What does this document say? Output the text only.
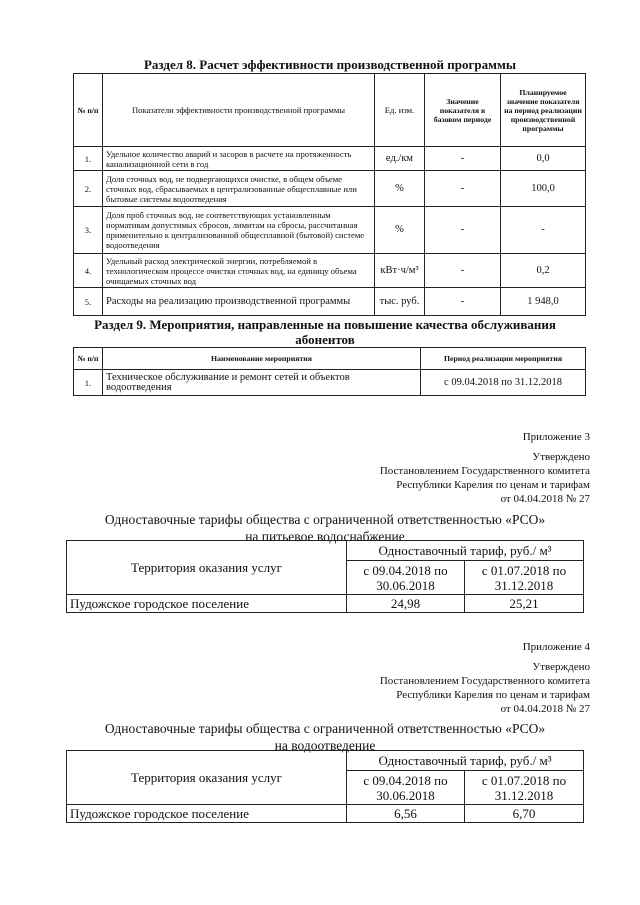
Раздел 8. Расчет эффективности производственной программы
№ п/п	Показатели эффективности производственной программы	Ед. изм.	Значение показателя в базовом периоде	Планируемое значение показателя на период реализации производственной программы
1.	Удельное количество аварий и засоров в расчете на протяженность канализационной сети в год	ед./км	-	0,0
2.	Доля сточных вод, не подвергающихся очистке, в общем объеме сточных вод, сбрасываемых в централизованные общесплавные или бытовые системы водоотведения	%	-	100,0
3.	Доля проб сточных вод, не соответствующих установленным нормативам допустимых сбросов, лимитам на сбросы, рассчитанная применительно к централизованной общесплавной (бытовой) системе водоотведения	%	-	-
4.	Удельный расход электрической энергии, потребляемой в технологическом процессе очистки сточных вод, на единицу объема очищаемых сточных вод	кВт·ч/м³	-	0,2
5.	Расходы на реализацию производственной программы	тыс. руб.	-	1 948,0
Раздел 9. Мероприятия, направленные на повышение качества обслуживания
абонентов
№ п/п	Наименование мероприятия	Период реализации мероприятия
1.	Техническое обслуживание и ремонт сетей и объектов водоотведения	с 09.04.2018 по 31.12.2018
Приложение 3
Утверждено
Постановлением Государственного комитета
Республики Карелия по ценам и тарифам
от 04.04.2018 № 27
Одноставочные тарифы общества с ограниченной ответственностью «РСО»
на питьевое водоснабжение
Территория оказания услуг	Одноставочный тариф, руб./ м³	
	с 09.04.2018 по 30.06.2018	с 01.07.2018 по 31.12.2018
Пудожское городское поселение	24,98	25,21
Приложение 4
Утверждено
Постановлением Государственного комитета
Республики Карелия по ценам и тарифам
от 04.04.2018 № 27
Одноставочные тарифы общества с ограниченной ответственностью «РСО»
на водоотведение
Территория оказания услуг	Одноставочный тариф, руб./ м³	
	с 09.04.2018 по 30.06.2018	с 01.07.2018 по 31.12.2018
Пудожское городское поселение	6,56	6,70
